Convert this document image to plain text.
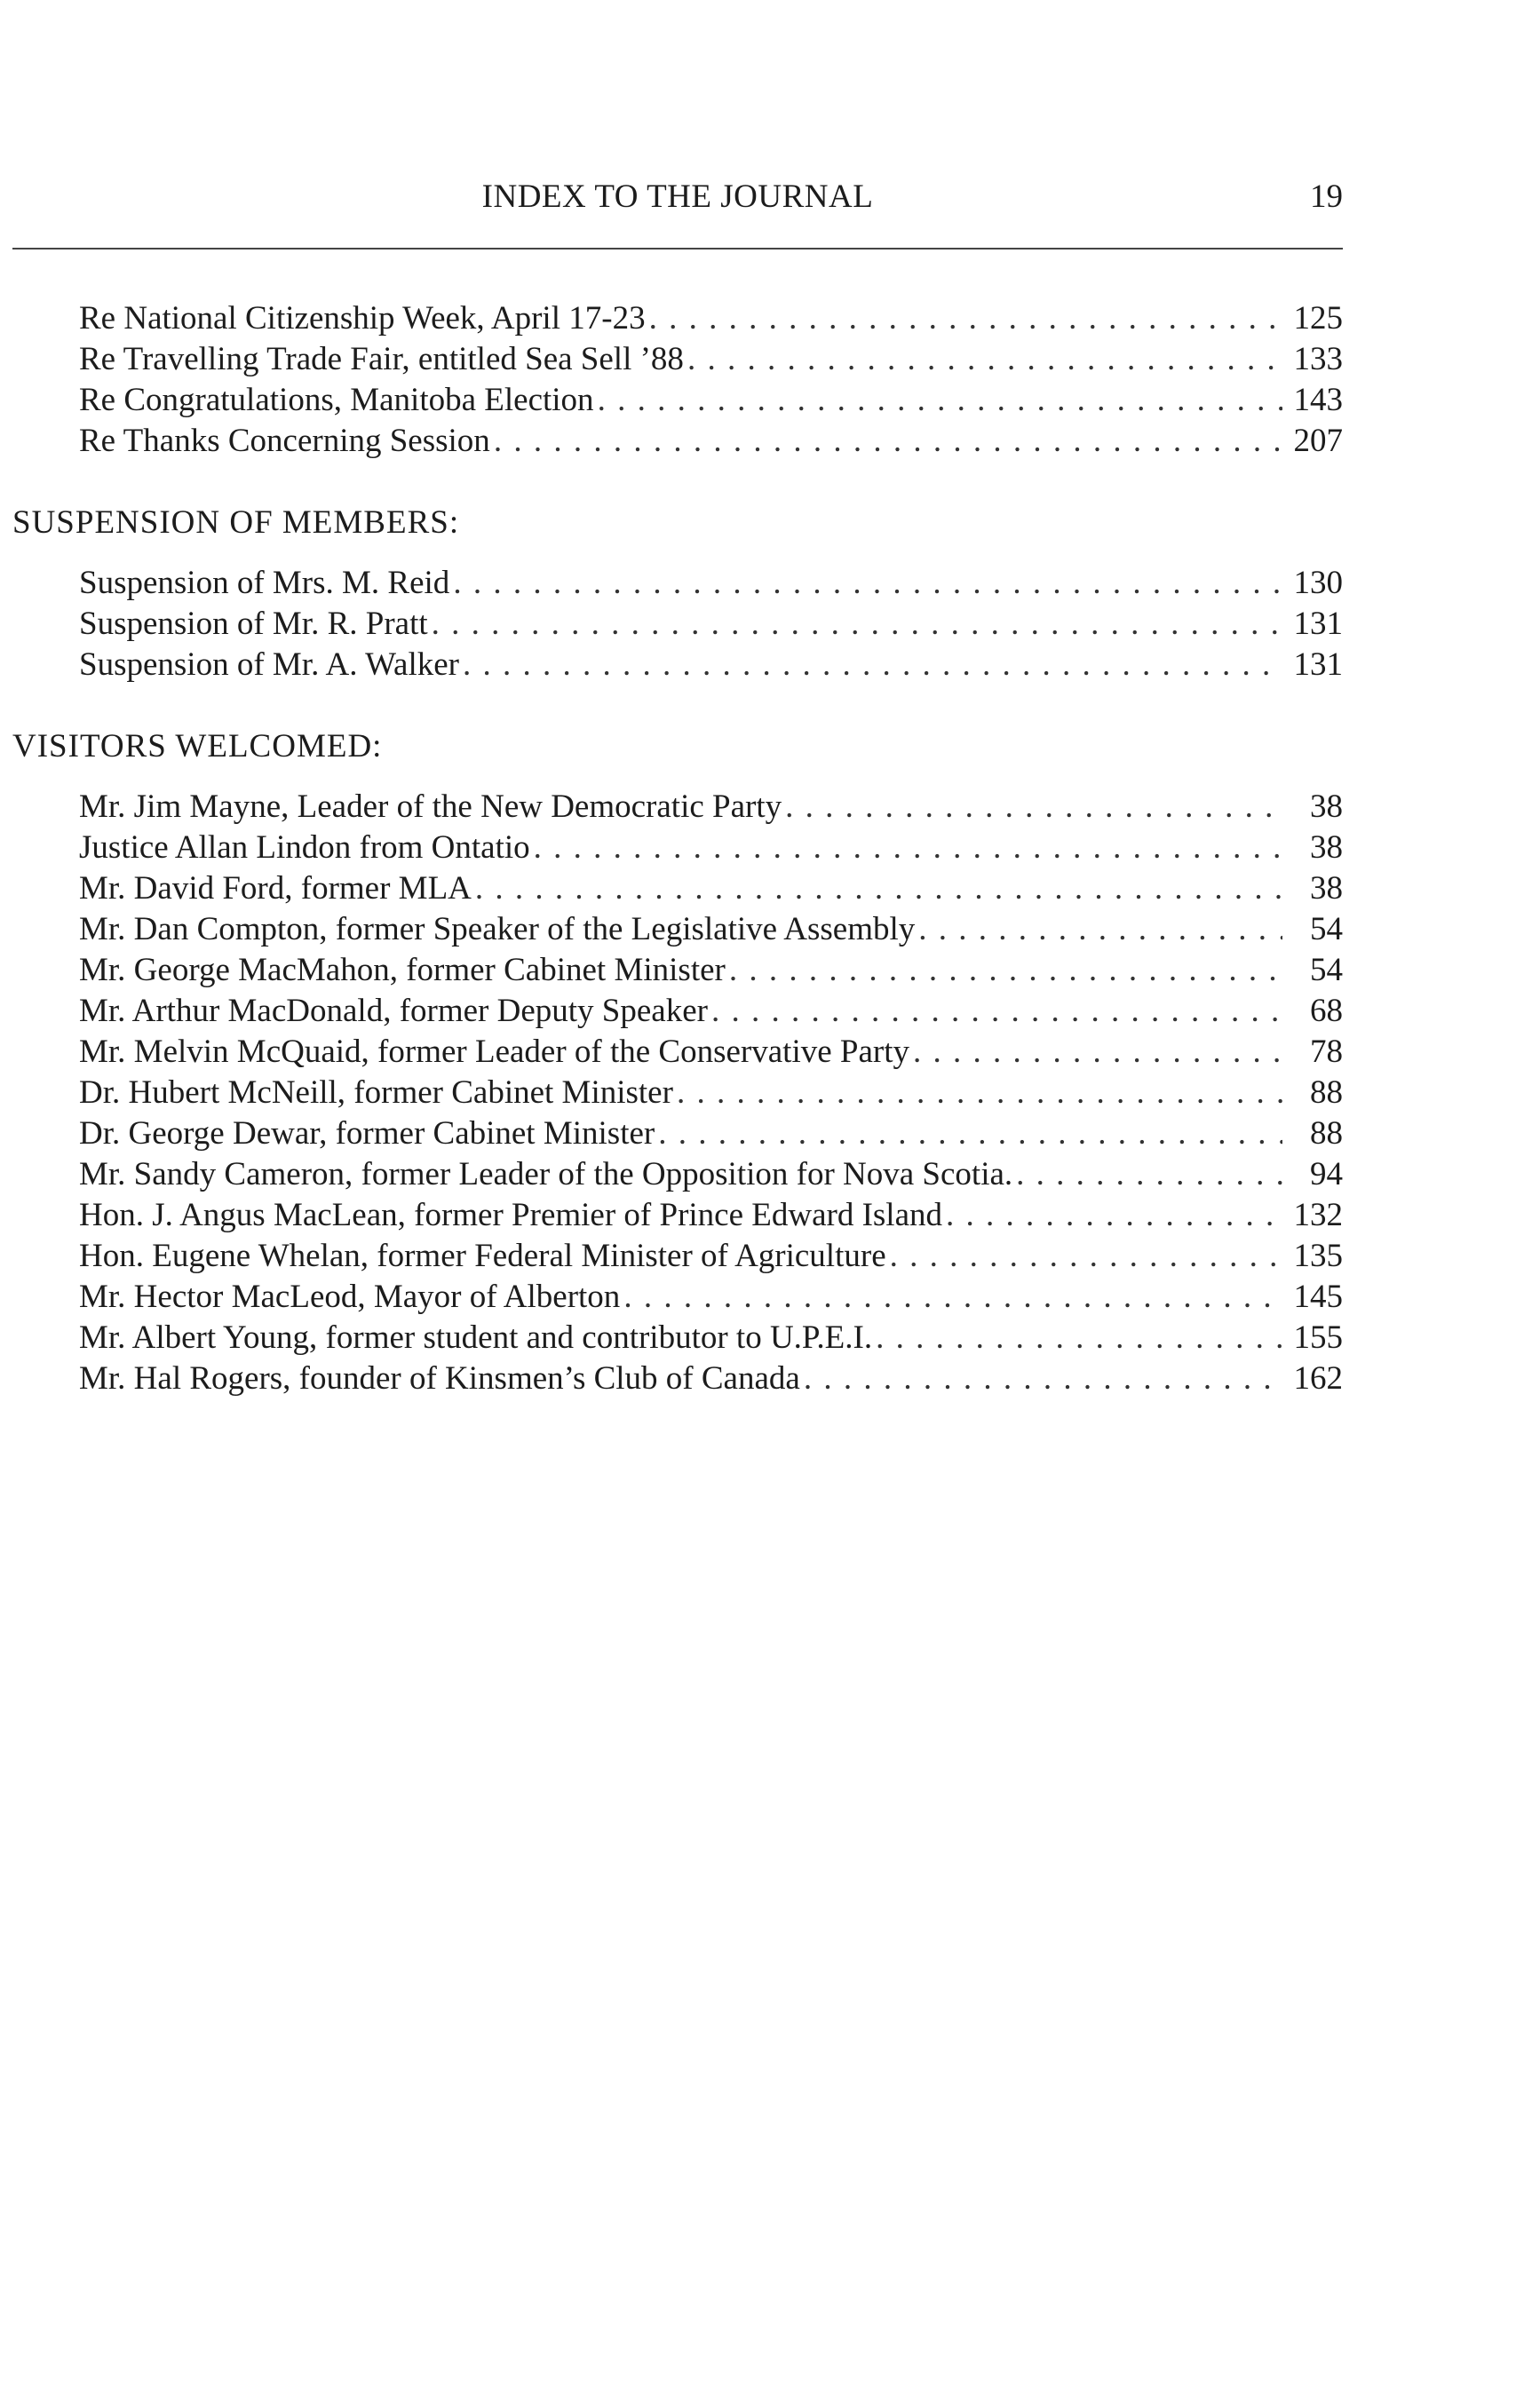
INDEX TO THE JOURNAL	19
Re National Citizenship Week, April 17-23 . . .	125
Re Travelling Trade Fair, entitled Sea Sell ’88 . . .	133
Re Congratulations, Manitoba Election . . .	143
Re Thanks Concerning Session . . .	207
SUSPENSION OF MEMBERS:
Suspension of Mrs. M. Reid . . .	130
Suspension of Mr. R. Pratt . . .	131
Suspension of Mr. A. Walker . . .	131
VISITORS WELCOMED:
Mr. Jim Mayne, Leader of the New Democratic Party . . .	38
Justice Allan Lindon from Ontatio . . .	38
Mr. David Ford, former MLA . . .	38
Mr. Dan Compton, former Speaker of the Legislative Assembly . . .	54
Mr. George MacMahon, former Cabinet Minister . . .	54
Mr. Arthur MacDonald, former Deputy Speaker . . .	68
Mr. Melvin McQuaid, former Leader of the Conservative Party . . .	78
Dr. Hubert McNeill, former Cabinet Minister . . .	88
Dr. George Dewar, former Cabinet Minister . . .	88
Mr. Sandy Cameron, former Leader of the Opposition for Nova Scotia. . . .	94
Hon. J. Angus MacLean, former Premier of Prince Edward Island . . .	132
Hon. Eugene Whelan, former Federal Minister of Agriculture . . .	135
Mr. Hector MacLeod, Mayor of Alberton . . .	145
Mr. Albert Young, former student and contributor to U.P.E.I. . . .	155
Mr. Hal Rogers, founder of Kinsmen’s Club of Canada . . .	162
